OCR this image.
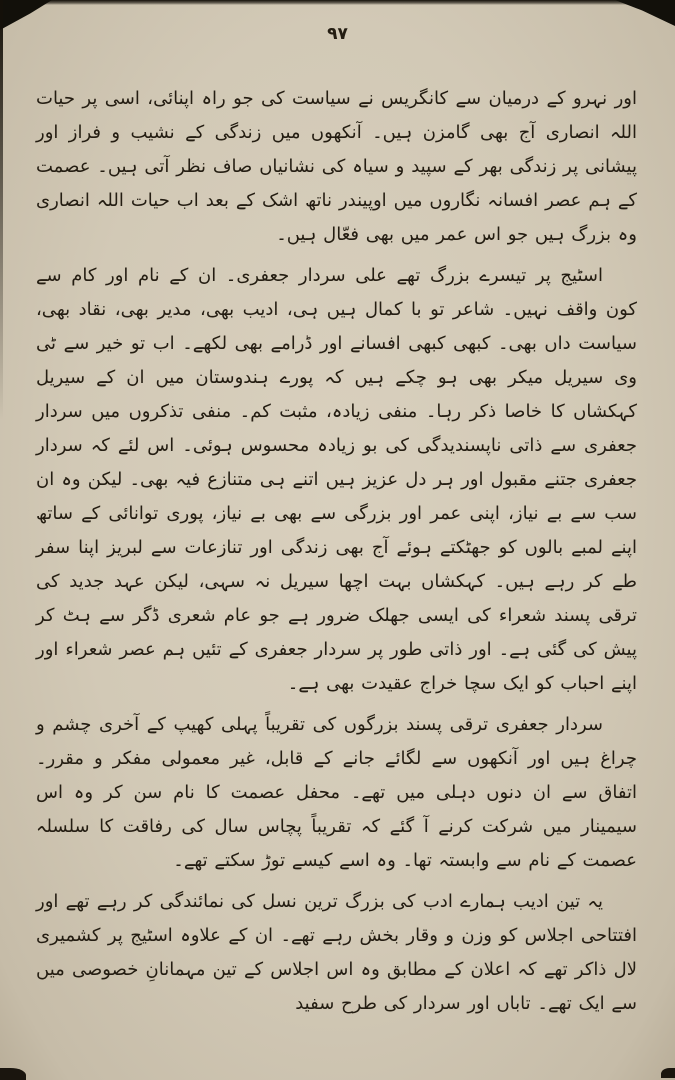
٩٧

اور نہرو کے درمیان سے کانگریس نے سیاست کی جو راہ اپنائی، اسی پر حیات اللہ انصاری آج بھی گامزن ہیں۔ آنکھوں میں زندگی کے نشیب و فراز اور پیشانی پر زندگی بھر کے سپید و سیاہ کی نشانیاں صاف نظر آتی ہیں۔ عصمت کے ہم عصر افسانہ نگاروں میں اوپیندر ناتھ اشک کے بعد اب حیات اللہ انصاری وہ بزرگ ہیں جو اس عمر میں بھی فعّال ہیں۔

اسٹیج پر تیسرے بزرگ تھے علی سردار جعفری۔ ان کے نام اور کام سے کون واقف نہیں۔ شاعر تو با کمال ہیں ہی، ادیب بھی، مدیر بھی، نقاد بھی، سیاست داں بھی۔ کبھی کبھی افسانے اور ڈرامے بھی لکھے۔ اب تو خیر سے ٹی وی سیریل میکر بھی ہو چکے ہیں کہ پورے ہندوستان میں ان کے سیریل کہکشاں کا خاصا ذکر رہا۔ منفی زیادہ، مثبت کم۔ منفی تذکروں میں سردار جعفری سے ذاتی ناپسندیدگی کی بو زیادہ محسوس ہوئی۔ اس لئے کہ سردار جعفری جتنے مقبول اور ہر دل عزیز ہیں اتنے ہی متنازع فیہ بھی۔ لیکن وہ ان سب سے بے نیاز، اپنی عمر اور بزرگی سے بھی بے نیاز، پوری توانائی کے ساتھ اپنے لمبے بالوں کو جھٹکتے ہوئے آج بھی زندگی اور تنازعات سے لبریز اپنا سفر طے کر رہے ہیں۔ کہکشاں بہت اچھا سیریل نہ سہی، لیکن عہد جدید کی ترقی پسند شعراء کی ایسی جھلک ضرور ہے جو عام شعری ڈگر سے ہٹ کر پیش کی گئی ہے۔ اور ذاتی طور پر سردار جعفری کے تئیں ہم عصر شعراء اور اپنے احباب کو ایک سچا خراج عقیدت بھی ہے۔

سردار جعفری ترقی پسند بزرگوں کی تقریباً پہلی کھیپ کے آخری چشم و چراغ ہیں اور آنکھوں سے لگائے جانے کے قابل، غیر معمولی مفکر و مقرر۔ اتفاق سے ان دنوں دہلی میں تھے۔ محفل عصمت کا نام سن کر وہ اس سیمینار میں شرکت کرنے آ گئے کہ تقریباً پچاس سال کی رفاقت کا سلسلہ عصمت کے نام سے وابستہ تھا۔ وہ اسے کیسے توڑ سکتے تھے۔

یہ تین ادیب ہمارے ادب کی بزرگ ترین نسل کی نمائندگی کر رہے تھے اور افتتاحی اجلاس کو وزن و وقار بخش رہے تھے۔ ان کے علاوہ اسٹیج پر کشمیری لال ذاکر تھے کہ اعلان کے مطابق وہ اس اجلاس کے تین مہمانانِ خصوصی میں سے ایک تھے۔ تاباں اور سردار کی طرح سفید
